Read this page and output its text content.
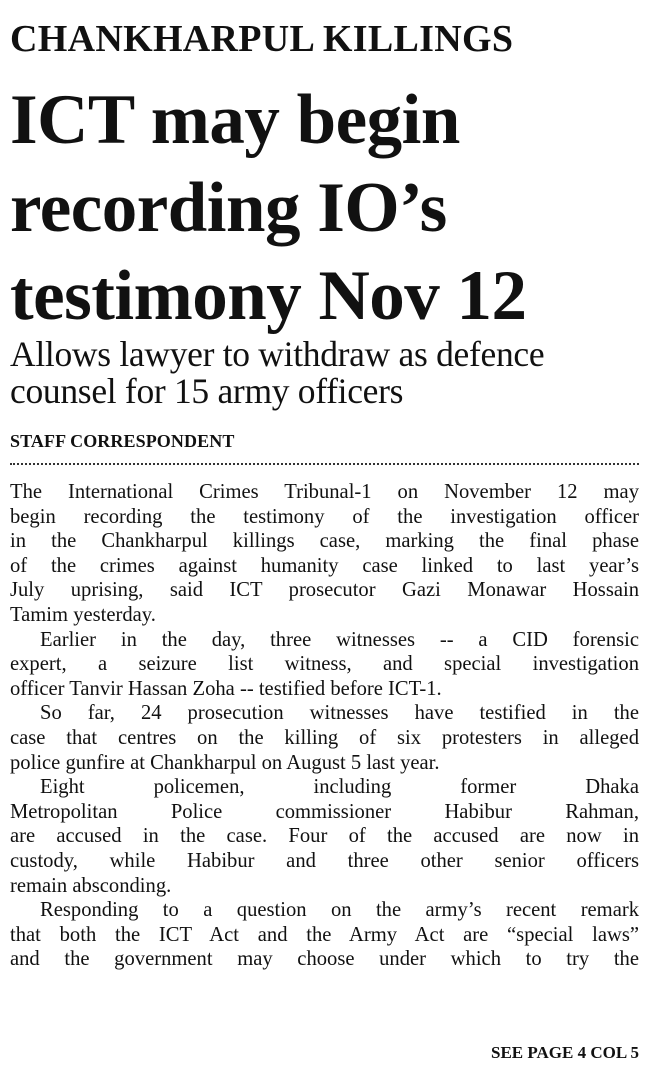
CHANKHARPUL KILLINGS
ICT may begin
recording IO’s
testimony Nov 12
Allows lawyer to withdraw as defence
counsel for 15 army officers
STAFF CORRESPONDENT
The International Crimes Tribunal-1 on November 12 may
begin recording the testimony of the investigation officer
in the Chankharpul killings case, marking the final phase
of the crimes against humanity case linked to last year’s
July uprising, said ICT prosecutor Gazi Monawar Hossain
Tamim yesterday.
Earlier in the day, three witnesses -- a CID forensic
expert, a seizure list witness, and special investigation
officer Tanvir Hassan Zoha -- testified before ICT-1.
So far, 24 prosecution witnesses have testified in the
case that centres on the killing of six protesters in alleged
police gunfire at Chankharpul on August 5 last year.
Eight policemen, including former Dhaka
Metropolitan Police commissioner Habibur Rahman,
are accused in the case. Four of the accused are now in
custody, while Habibur and three other senior officers
remain absconding.
Responding to a question on the army’s recent remark
that both the ICT Act and the Army Act are “special laws”
and the government may choose under which to try the
SEE PAGE 4 COL 5
